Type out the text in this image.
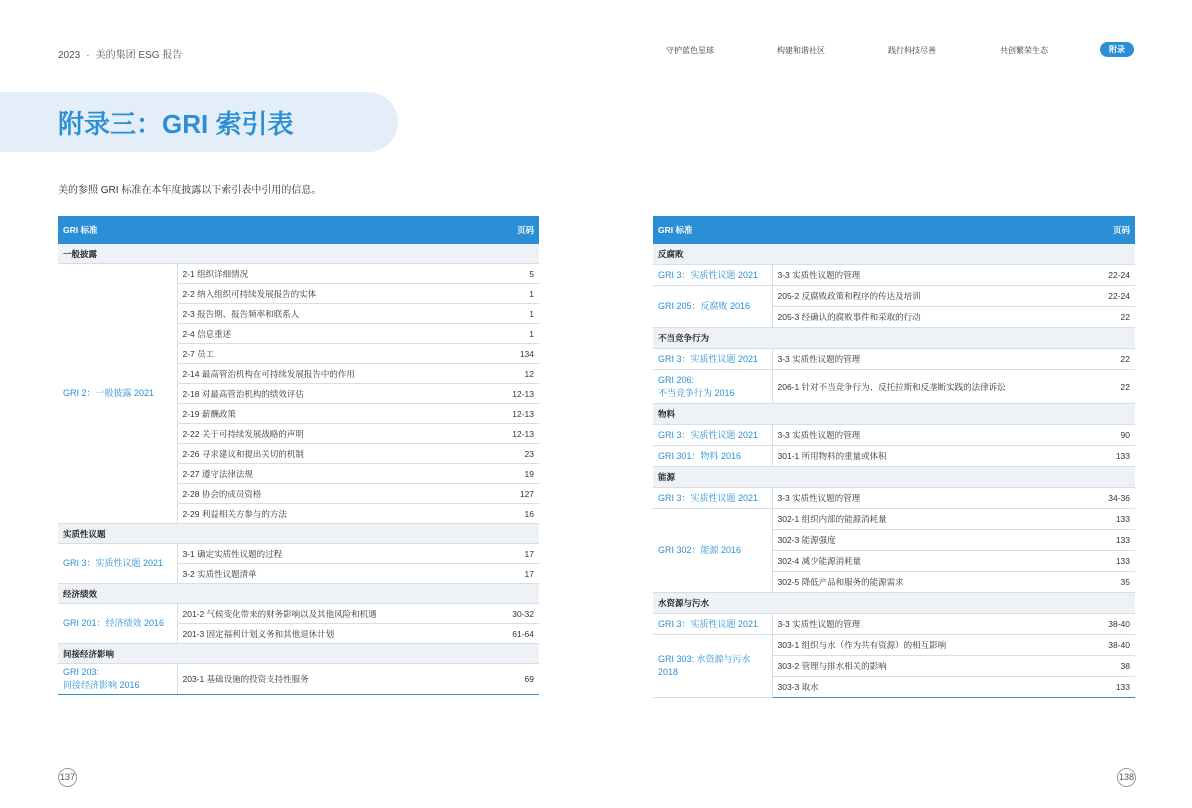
2023 · 美的集团 ESG 报告	守护蓝色星球	构建和谐社区	践行科技尽善	共创繁荣生态	附录
附录三：GRI 索引表
美的参照 GRI 标准在本年度披露以下索引表中引用的信息。
GRI 标准		页码
一般披露		
GRI 2：一般披露 2021	2-1 组织详细情况	5
	2-2 纳入组织可持续发展报告的实体	1
	2-3 报告期、报告频率和联系人	1
	2-4 信息重述	1
	2-7 员工	134
	2-14 最高管治机构在可持续发展报告中的作用	12
	2-18 对最高管治机构的绩效评估	12-13
	2-19 薪酬政策	12-13
	2-22 关于可持续发展战略的声明	12-13
	2-26 寻求建议和提出关切的机制	23
	2-27 遵守法律法规	19
	2-28 协会的成员资格	127
	2-29 利益相关方参与的方法	16
实质性议题		
GRI 3：实质性议题 2021	3-1 确定实质性议题的过程	17
	3-2 实质性议题清单	17
经济绩效		
GRI 201：经济绩效 2016	201-2 气候变化带来的财务影响以及其他风险和机遇	30-32
	201-3 固定福利计划义务和其他退休计划	61-64
间接经济影响		

GRI 203:
间接经济影响 2016	203-1 基础设施的投资支持性服务	69
GRI 标准		页码
反腐败		
GRI 3：实质性议题 2021	3-3 实质性议题的管理	22-24
GRI 205：反腐败 2016	205-2 反腐败政策和程序的传达及培训	22-24
	205-3 经确认的腐败事件和采取的行动	22
不当竞争行为		
GRI 3：实质性议题 2021	3-3 实质性议题的管理	22

GRI 206:
不当竞争行为 2016	206-1 针对不当竞争行为、反托拉斯和反垄断实践的法律诉讼	22
物料		
GRI 3：实质性议题 2021	3-3 实质性议题的管理	90
GRI 301：物料 2016	301-1 所用物料的重量或体积	133
能源		
GRI 3：实质性议题 2021	3-3 实质性议题的管理	34-36
GRI 302：能源 2016	302-1 组织内部的能源消耗量	133
	302-3 能源强度	133
	302-4 减少能源消耗量	133
	302-5 降低产品和服务的能源需求	35
水资源与污水		
GRI 3：实质性议题 2021	3-3 实质性议题的管理	38-40

GRI 303: 水资源与污水
2018	303-1 组织与水（作为共有资源）的相互影响	38-40
	303-2 管理与排水相关的影响	38
	303-3 取水	133
137	138
